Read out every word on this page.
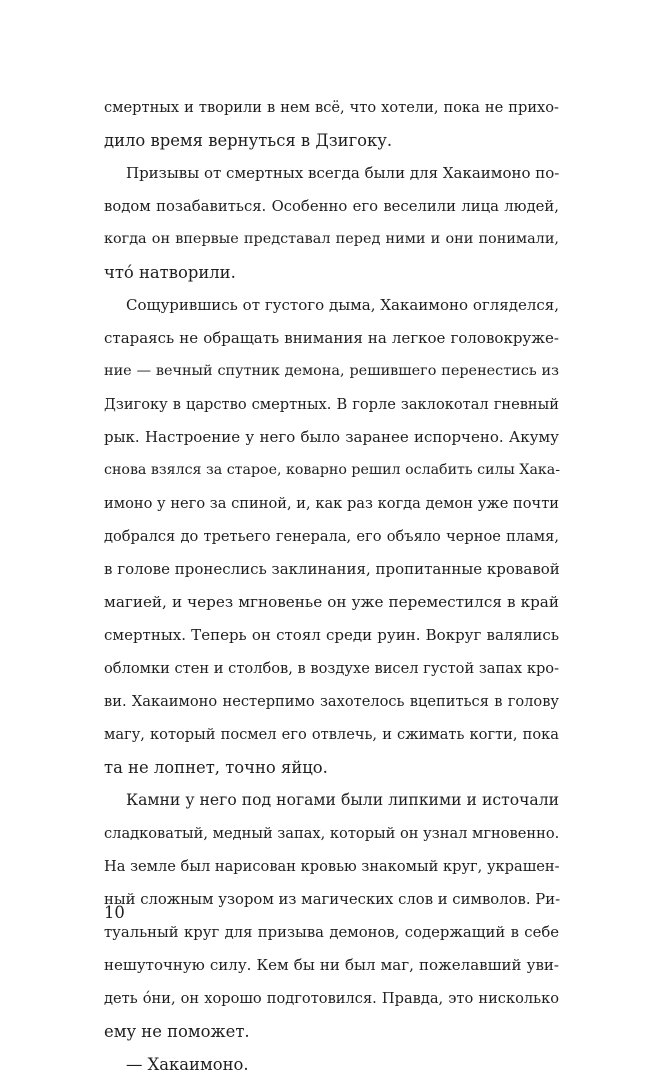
смертных и творили в нем всё, что хотели, пока не прихо-
дило время вернуться в Дзигоку.
Призывы от смертных всегда были для Хакаимоно по-
водом позабавиться. Особенно его веселили лица людей,
когда он впервые представал перед ними и они понимали,
что́ натворили.
Сощурившись от густого дыма, Хакаимоно огляделся,
стараясь не обращать внимания на легкое головокруже-
ние — вечный спутник демона, решившего перенестись из
Дзигоку в царство смертных. В горле заклокотал гневный
рык. Настроение у него было заранее испорчено. Акуму
снова взялся за старое, коварно решил ослабить силы Хака-
имоно у него за спиной, и, как раз когда демон уже почти
добрался до третьего генерала, его объяло черное пламя,
в голове пронеслись заклинания, пропитанные кровавой
магией, и через мгновенье он уже переместился в край
смертных. Теперь он стоял среди руин. Вокруг валялись
обломки стен и столбов, в воздухе висел густой запах кро-
ви. Хакаимоно нестерпимо захотелось вцепиться в голову
магу, который посмел его отвлечь, и сжимать когти, пока
та не лопнет, точно яйцо.
Камни у него под ногами были липкими и источали
сладковатый, медный запах, который он узнал мгновенно.
На земле был нарисован кровью знакомый круг, украшен-
ный сложным узором из магических слов и символов. Ри-
туальный круг для призыва демонов, содержащий в себе
нешуточную силу. Кем бы ни был маг, пожелавший уви-
деть óни, он хорошо подготовился. Правда, это нисколько
ему не поможет.
— Хакаимоно.
10
